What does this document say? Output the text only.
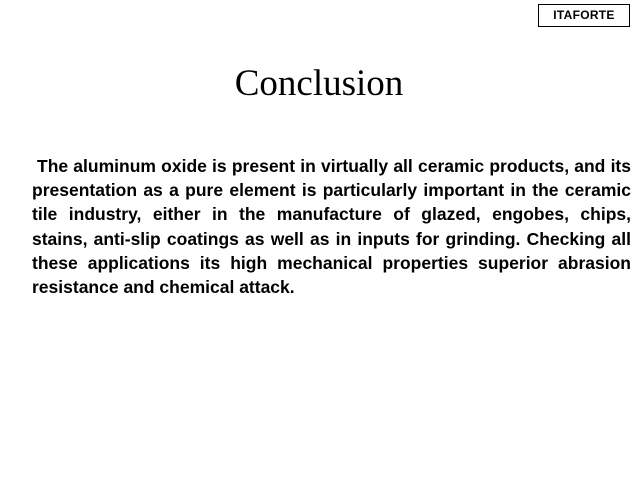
ITAFORTE
Conclusion

The aluminum oxide is present in virtually all ceramic products, and its presentation as a pure element is particularly important in the ceramic tile industry, either in the manufacture of glazed, engobes, chips, stains, anti-slip coatings as well as in inputs for grinding. Checking all these applications its high mechanical properties superior abrasion resistance and chemical attack.
